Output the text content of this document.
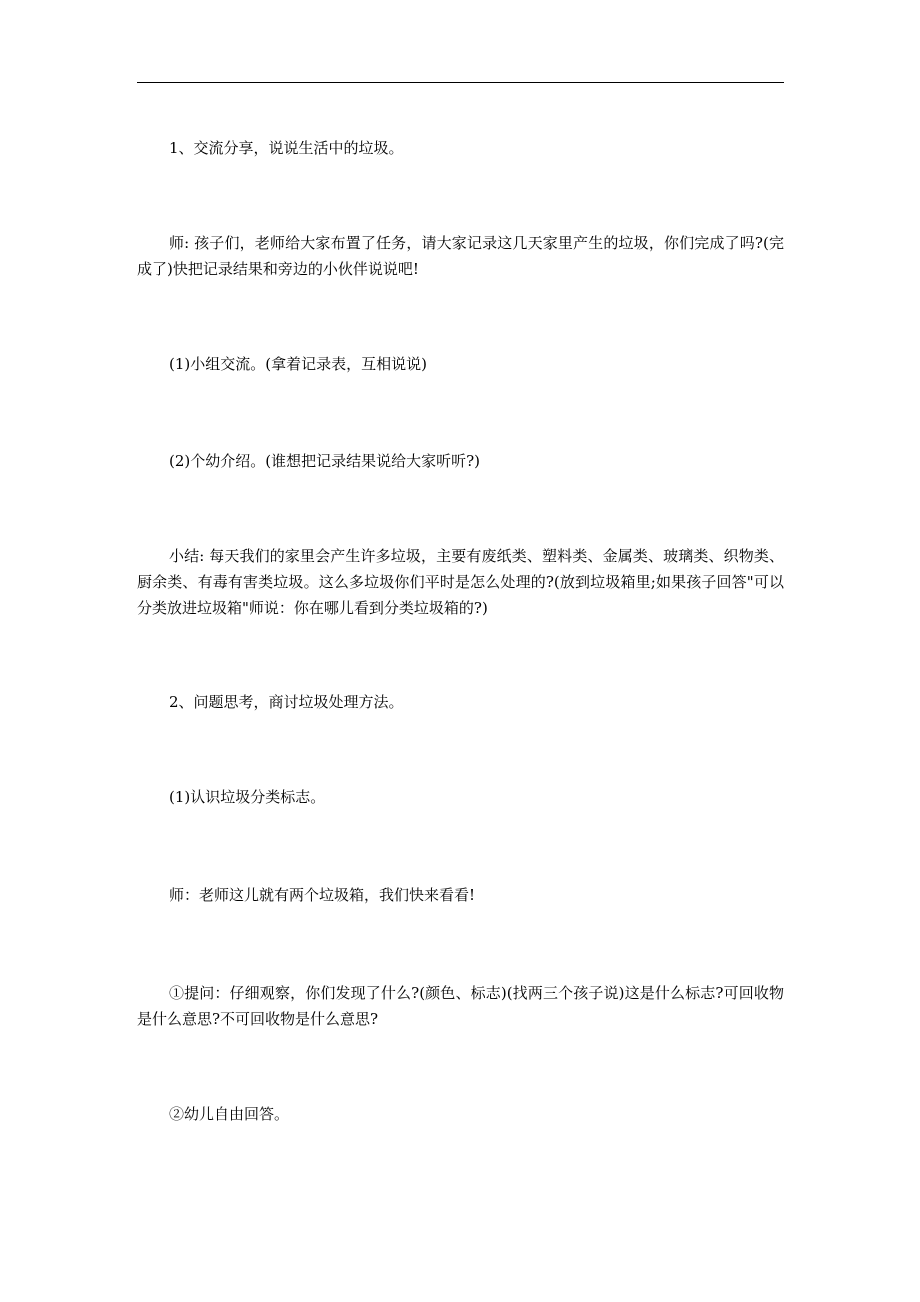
1、交流分享，说说生活中的垃圾。

师: 孩子们，老师给大家布置了任务，请大家记录这几天家里产生的垃圾，你们完成了吗?(完成了)快把记录结果和旁边的小伙伴说说吧!

(1)小组交流。(拿着记录表，互相说说)

(2)个幼介绍。(谁想把记录结果说给大家听听?)

小结: 每天我们的家里会产生许多垃圾，主要有废纸类、塑料类、金属类、玻璃类、织物类、厨余类、有毒有害类垃圾。这么多垃圾你们平时是怎么处理的?(放到垃圾箱里;如果孩子回答"可以分类放进垃圾箱"师说：你在哪儿看到分类垃圾箱的?)

2、问题思考，商讨垃圾处理方法。

(1)认识垃圾分类标志。

师：老师这儿就有两个垃圾箱，我们快来看看!

①提问：仔细观察，你们发现了什么?(颜色、标志)(找两三个孩子说)这是什么标志?可回收物是什么意思?不可回收物是什么意思?

②幼儿自由回答。
